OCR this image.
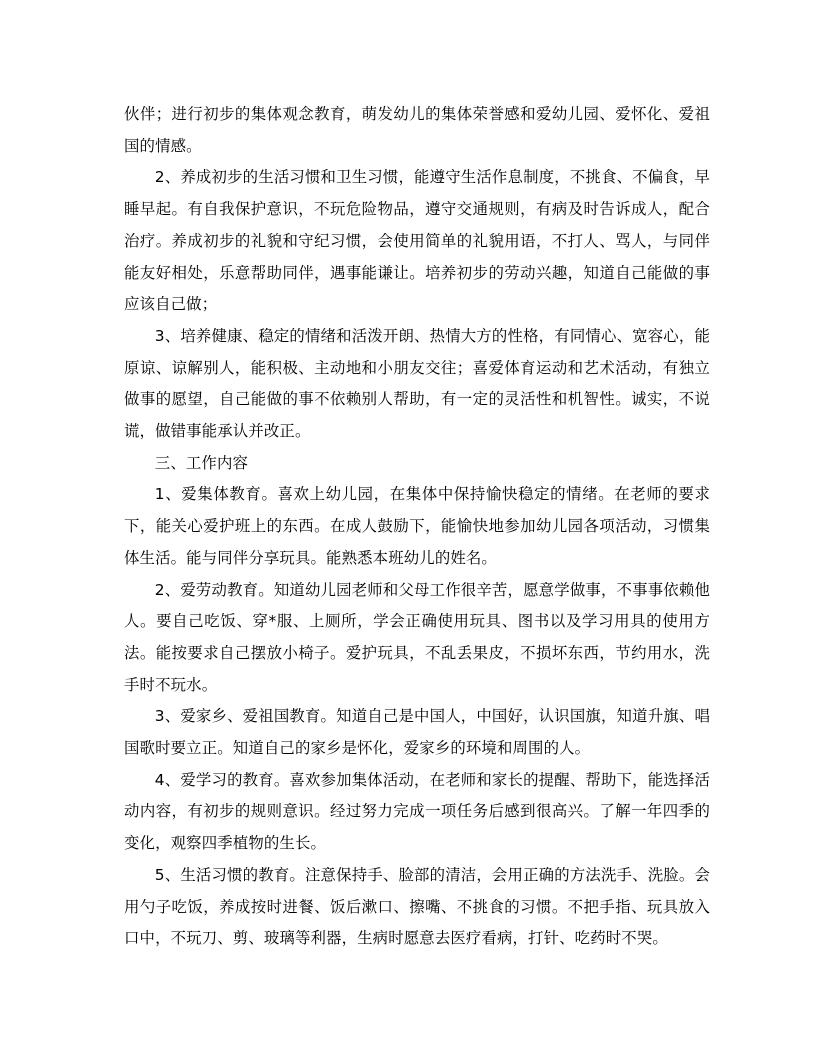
伙伴；进行初步的集体观念教育，萌发幼儿的集体荣誉感和爱幼儿园、爱怀化、爱祖国的情感。

2、养成初步的生活习惯和卫生习惯，能遵守生活作息制度，不挑食、不偏食，早睡早起。有自我保护意识，不玩危险物品，遵守交通规则，有病及时告诉成人，配合治疗。养成初步的礼貌和守纪习惯，会使用简单的礼貌用语，不打人、骂人，与同伴能友好相处，乐意帮助同伴，遇事能谦让。培养初步的劳动兴趣，知道自己能做的事应该自己做；

3、培养健康、稳定的情绪和活泼开朗、热情大方的性格，有同情心、宽容心，能原谅、谅解别人，能积极、主动地和小朋友交往；喜爱体育运动和艺术活动，有独立做事的愿望，自己能做的事不依赖别人帮助，有一定的灵活性和机智性。诚实，不说谎，做错事能承认并改正。

三、工作内容

1、爱集体教育。喜欢上幼儿园，在集体中保持愉快稳定的情绪。在老师的要求下，能关心爱护班上的东西。在成人鼓励下，能愉快地参加幼儿园各项活动，习惯集体生活。能与同伴分享玩具。能熟悉本班幼儿的姓名。

2、爱劳动教育。知道幼儿园老师和父母工作很辛苦，愿意学做事，不事事依赖他人。要自己吃饭、穿*服、上厕所，学会正确使用玩具、图书以及学习用具的使用方法。能按要求自己摆放小椅子。爱护玩具，不乱丢果皮，不损坏东西，节约用水，洗手时不玩水。

3、爱家乡、爱祖国教育。知道自己是中国人，中国好，认识国旗，知道升旗、唱国歌时要立正。知道自己的家乡是怀化，爱家乡的环境和周围的人。

4、爱学习的教育。喜欢参加集体活动，在老师和家长的提醒、帮助下，能选择活动内容，有初步的规则意识。经过努力完成一项任务后感到很高兴。了解一年四季的变化，观察四季植物的生长。

5、生活习惯的教育。注意保持手、脸部的清洁，会用正确的方法洗手、洗脸。会用勺子吃饭，养成按时进餐、饭后漱口、擦嘴、不挑食的习惯。不把手指、玩具放入口中，不玩刀、剪、玻璃等利器，生病时愿意去医疗看病，打针、吃药时不哭。
